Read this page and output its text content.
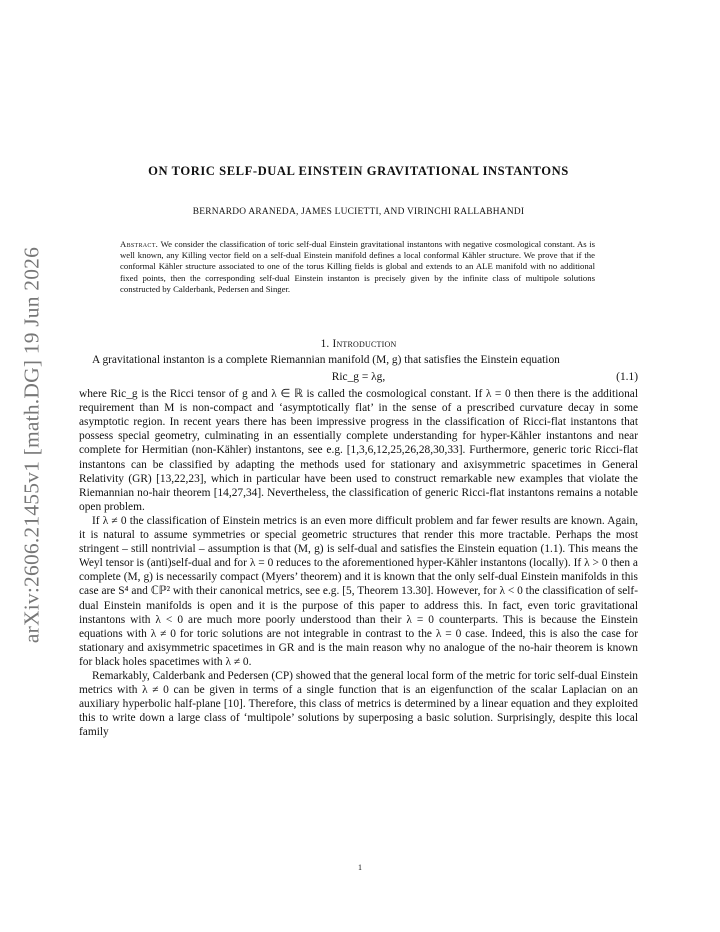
arXiv:2606.21455v1 [math.DG] 19 Jun 2026
ON TORIC SELF-DUAL EINSTEIN GRAVITATIONAL INSTANTONS
BERNARDO ARANEDA, JAMES LUCIETTI, AND VIRINCHI RALLABHANDI
Abstract. We consider the classification of toric self-dual Einstein gravitational instantons with negative cosmological constant. As is well known, any Killing vector field on a self-dual Einstein manifold defines a local conformal Kähler structure. We prove that if the conformal Kähler structure associated to one of the torus Killing fields is global and extends to an ALE manifold with no additional fixed points, then the corresponding self-dual Einstein instanton is precisely given by the infinite class of multipole solutions constructed by Calderbank, Pedersen and Singer.
1. Introduction

A gravitational instanton is a complete Riemannian manifold (M, g) that satisfies the Einstein equation

Ric_g = λg,	(1.1)

where Ric_g is the Ricci tensor of g and λ ∈ ℝ is called the cosmological constant. If λ = 0 then there is the additional requirement than M is non-compact and ‘asymptotically flat’ in the sense of a prescribed curvature decay in some asymptotic region. In recent years there has been impressive progress in the classification of Ricci-flat instantons that possess special geometry, culminating in an essentially complete understanding for hyper-Kähler instantons and near complete for Hermitian (non-Kähler) instantons, see e.g. [1,3,6,12,25,26,28,30,33]. Furthermore, generic toric Ricci-flat instantons can be classified by adapting the methods used for stationary and axisymmetric spacetimes in General Relativity (GR) [13,22,23], which in particular have been used to construct remarkable new examples that violate the Riemannian no-hair theorem [14,27,34]. Nevertheless, the classification of generic Ricci-flat instantons remains a notable open problem.

If λ ≠ 0 the classification of Einstein metrics is an even more difficult problem and far fewer results are known. Again, it is natural to assume symmetries or special geometric structures that render this more tractable. Perhaps the most stringent – still nontrivial – assumption is that (M, g) is self-dual and satisfies the Einstein equation (1.1). This means the Weyl tensor is (anti)self-dual and for λ = 0 reduces to the aforementioned hyper-Kähler instantons (locally). If λ > 0 then a complete (M, g) is necessarily compact (Myers’ theorem) and it is known that the only self-dual Einstein manifolds in this case are S⁴ and ℂℙ² with their canonical metrics, see e.g. [5, Theorem 13.30]. However, for λ < 0 the classification of self-dual Einstein manifolds is open and it is the purpose of this paper to address this. In fact, even toric gravitational instantons with λ < 0 are much more poorly understood than their λ = 0 counterparts. This is because the Einstein equations with λ ≠ 0 for toric solutions are not integrable in contrast to the λ = 0 case. Indeed, this is also the case for stationary and axisymmetric spacetimes in GR and is the main reason why no analogue of the no-hair theorem is known for black holes spacetimes with λ ≠ 0.

Remarkably, Calderbank and Pedersen (CP) showed that the general local form of the metric for toric self-dual Einstein metrics with λ ≠ 0 can be given in terms of a single function that is an eigenfunction of the scalar Laplacian on an auxiliary hyperbolic half-plane [10]. Therefore, this class of metrics is determined by a linear equation and they exploited this to write down a large class of ‘multipole’ solutions by superposing a basic solution. Surprisingly, despite this local family

1
